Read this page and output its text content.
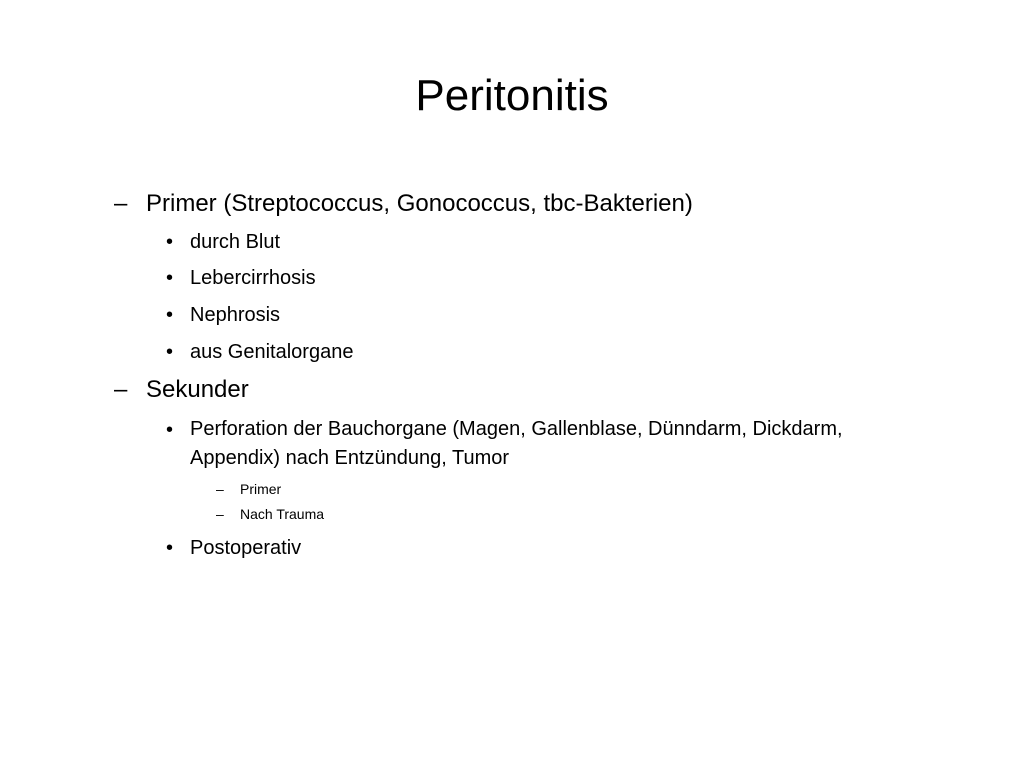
Peritonitis
– Primer (Streptococcus, Gonococcus, tbc-Bakterien)
• durch Blut
• Lebercirrhosis
• Nephrosis
• aus Genitalorgane
– Sekunder
• Perforation der Bauchorgane (Magen, Gallenblase, Dünndarm, Dickdarm, Appendix) nach Entzündung, Tumor
– Primer
– Nach Trauma
• Postoperativ
